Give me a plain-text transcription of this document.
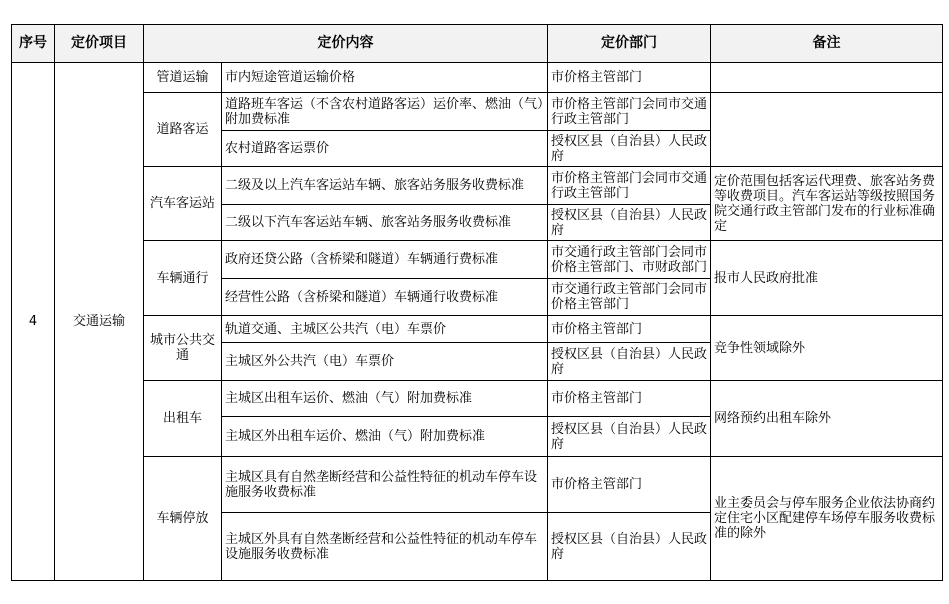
序号	定价项目	定价内容		定价部门	备注
4	交通运输	管道运输	市内短途管道运输价格	市价格主管部门	
		道路客运	道路班车客运（不含农村道路客运）运价率、燃油（气）附加费标准	市价格主管部门会同市交通行政主管部门	
			农村道路客运票价	授权区县（自治县）人民政府	
		汽车客运站	二级及以上汽车客运站车辆、旅客站务服务收费标准	市价格主管部门会同市交通行政主管部门	定价范围包括客运代理费、旅客站务费等收费项目。汽车客运站等级按照国务院交通行政主管部门发布的行业标准确定
			二级以下汽车客运站车辆、旅客站务服务收费标准	授权区县（自治县）人民政府	
		车辆通行	政府还贷公路（含桥梁和隧道）车辆通行费标准	市交通行政主管部门会同市价格主管部门、市财政部门	报市人民政府批准
			经营性公路（含桥梁和隧道）车辆通行收费标准	市交通行政主管部门会同市价格主管部门	
		城市公共交通	轨道交通、主城区公共汽（电）车票价	市价格主管部门	竞争性领域除外
			主城区外公共汽（电）车票价	授权区县（自治县）人民政府	
		出租车	主城区出租车运价、燃油（气）附加费标准	市价格主管部门	网络预约出租车除外
			主城区外出租车运价、燃油（气）附加费标准	授权区县（自治县）人民政府	
		车辆停放	主城区具有自然垄断经营和公益性特征的机动车停车设施服务收费标准	市价格主管部门	业主委员会与停车服务企业依法协商约定住宅小区配建停车场停车服务收费标准的除外
			主城区外具有自然垄断经营和公益性特征的机动车停车设施服务收费标准	授权区县（自治县）人民政府	
